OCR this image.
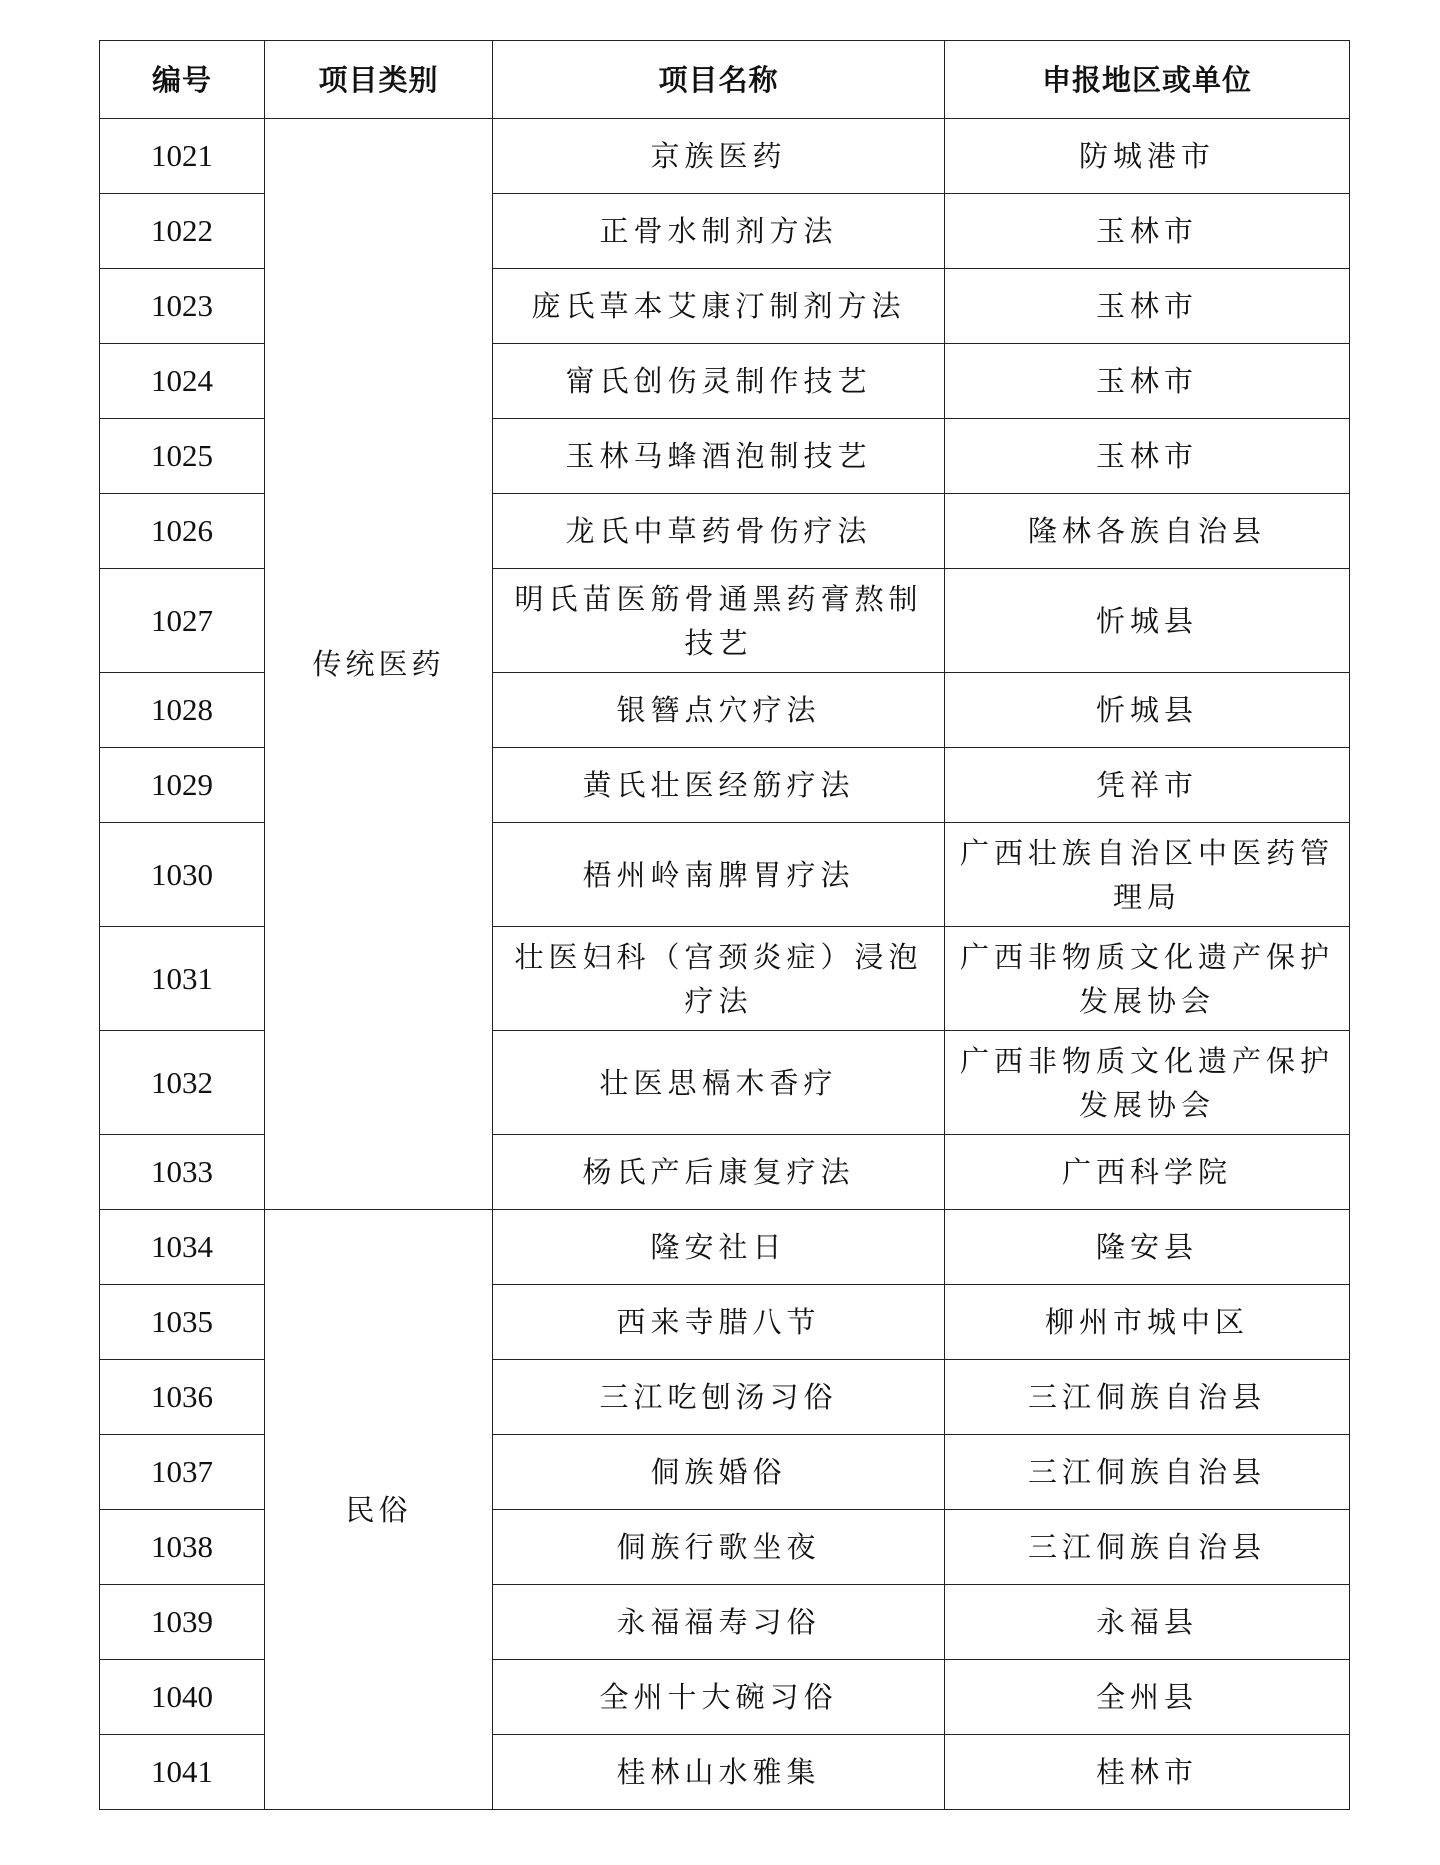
编号	项目类别	项目名称	申报地区或单位
1021	传统医药	京族医药	防城港市
1022		正骨水制剂方法	玉林市
1023		庞氏草本艾康汀制剂方法	玉林市
1024		甯氏创伤灵制作技艺	玉林市
1025		玉林马蜂酒泡制技艺	玉林市
1026		龙氏中草药骨伤疗法	隆林各族自治县
1027		明氏苗医筋骨通黑药膏熬制技艺	忻城县
1028		银簪点穴疗法	忻城县
1029		黄氏壮医经筋疗法	凭祥市
1030		梧州岭南脾胃疗法	广西壮族自治区中医药管理局
1031		壮医妇科（宫颈炎症）浸泡疗法	广西非物质文化遗产保护发展协会
1032		壮医思槅木香疗	广西非物质文化遗产保护发展协会
1033		杨氏产后康复疗法	广西科学院
1034	民俗	隆安社日	隆安县
1035		西来寺腊八节	柳州市城中区
1036		三江吃刨汤习俗	三江侗族自治县
1037		侗族婚俗	三江侗族自治县
1038		侗族行歌坐夜	三江侗族自治县
1039		永福福寿习俗	永福县
1040		全州十大碗习俗	全州县
1041		桂林山水雅集	桂林市
